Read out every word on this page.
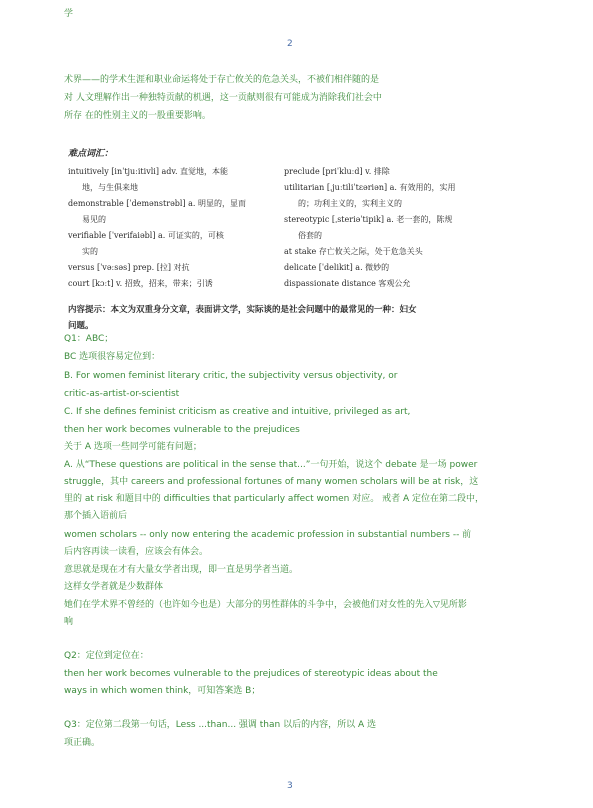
学
2
术界——的学术生涯和职业命运将处于存亡攸关的危急关头，不被们相伴随的是
对 人文理解作出一种独特贡献的机遇，这一贡献则很有可能成为消除我们社会中
所存 在的性别主义的一股重要影响。
难点词汇：
intuitively [inˈtjuːitivli] adv. 直觉地，本能
地，与生俱来地
demonstrable [ˈdemənstrəbl] a. 明显的，显而
易见的
verifiable [ˈverifaiəbl] a. 可证实的，可核
实的
versus [ˈvəːsəs] prep. [拉] 对抗
court [kɔːt] v. 招致，招来，带来；引诱
preclude [priˈkluːd] v. 排除
utilitarian [ˌjuːtiliˈtɛəriən] a. 有效用的，实用
的；功利主义的，实利主义的
stereotypic [ˌsteriəˈtipik] a. 老一套的，陈规
俗套的
at stake 存亡攸关之际，处于危急关头
delicate [ˈdelikit] a. 微妙的
dispassionate distance 客观公允
内容提示：本文为双重身分文章，表面讲文学，实际谈的是社会问题中的最常见的一种：妇女
问题。
Q1：ABC；
BC 选项很容易定位到：
B. For women feminist literary critic, the subjectivity versus objectivity, or
critic-as-artist-or-scientist
C. If she defines feminist criticism as creative and intuitive, privileged as art,
then her work becomes vulnerable to the prejudices
关于 A 选项一些同学可能有问题；
A. 从“These questions are political in the sense that...”一句开始，说这个 debate 是一场 power
struggle，其中 careers and professional fortunes of many women scholars will be at risk，这
里的 at risk 和题目中的 difficulties that particularly affect women 对应。 戒者 A 定位在第二段中，
那个插入语前后
women scholars -- only now entering the academic profession in substantial numbers -- 前
后内容再读一读看，应该会有体会。
意思就是现在才有大量女学者出现，即一直是男学者当道。
这样女学者就是少数群体
她们在学术界不曾经的（也许如今也是）大部分的男性群体的斗争中，会被他们对女性的先入▽见所影
响
Q2：定位到定位在：
then her work becomes vulnerable to the prejudices of stereotypic ideas about the
ways in which women think，可知答案选 B；
Q3：定位第二段第一句话，Less ...than... 强调 than 以后的内容，所以 A 选
项正确。
3
